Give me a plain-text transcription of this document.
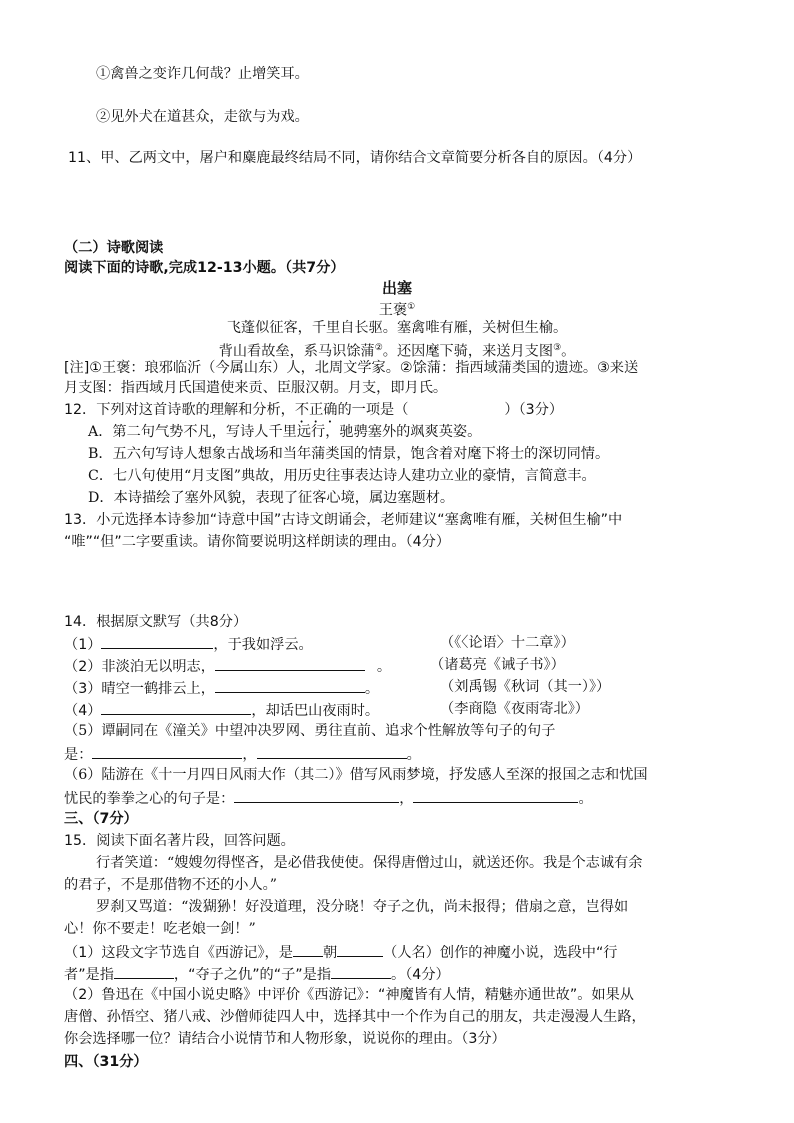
①禽兽之变诈几何哉？止增笑耳。
②见外犬在道甚众，走欲与为戏。
11、甲、乙两文中，屠户和麋鹿最终结局不同，请你结合文章简要分析各自的原因。（4分）
（二）诗歌阅读
阅读下面的诗歌,完成12-13小题。（共7分）
出塞
王褒①
飞蓬似征客，千里自长驱。塞禽唯有雁，关树但生榆。
背山看故垒，系马识馀蒲②。还因麾下骑，来送月支图③。
[注]①王褒：琅邪临沂（今属山东）人，北周文学家。②馀蒲：指西域蒲类国的遗迹。③来送
月支图：指西域月氏国遣使来贡、臣服汉朝。月支，即月氏。
12．下列对这首诗歌的理解和分析，不正确的一项是（	）（3分）
A．第二句气势不凡，写诗人千里远行，驰骋塞外的飒爽英姿。
B．五六句写诗人想象古战场和当年蒲类国的情景，饱含着对麾下将士的深切同情。
C．七八句使用“月支图”典故，用历史往事表达诗人建功立业的豪情，言简意丰。
D．本诗描绘了塞外风貌，表现了征客心境，属边塞题材。
13．小元选择本诗参加“诗意中国”古诗文朗诵会，老师建议“塞禽唯有雁，关树但生榆”中
“唯”“但”二字要重读。请你简要说明这样朗读的理由。（4分）
14．根据原文默写（共8分）
（1）	，于我如浮云。	（《〈论语〉十二章》）
（2）非淡泊无以明志，	。	（诸葛亮《诫子书》）
（3）晴空一鹤排云上，	。	（刘禹锡《秋词（其一）》）
（4）	，却话巴山夜雨时。	（李商隐《夜雨寄北》）
（5）谭嗣同在《潼关》中望冲决罗网、勇往直前、追求个性解放等句子的句子
是：	，	。
（6）陆游在《十一月四日风雨大作（其二）》借写风雨梦境，抒发感人至深的报国之志和忧国
忧民的拳拳之心的句子是：	，	。
三、（7分）
15．阅读下面名著片段，回答问题。
行者笑道：“嫂嫂勿得悭吝，是必借我使使。保得唐僧过山，就送还你。我是个志诚有余
的君子，不是那借物不还的小人。”
罗刹又骂道：“泼猢狲！好没道理，没分晓！夺子之仇，尚未报得；借扇之意，岂得如
心！你不要走！吃老娘一剑！”
（1）这段文字节选自《西游记》，是 朝	（人名）创作的神魔小说，选段中“行
者”是指	，“夺子之仇”的“子”是指	。（4分）
（2）鲁迅在《中国小说史略》中评价《西游记》：“神魔皆有人情，精魅亦通世故”。如果从
唐僧、孙悟空、猪八戒、沙僧师徒四人中，选择其中一个作为自己的朋友，共走漫漫人生路，
你会选择哪一位？请结合小说情节和人物形象，说说你的理由。（3分）
四、（31分）
